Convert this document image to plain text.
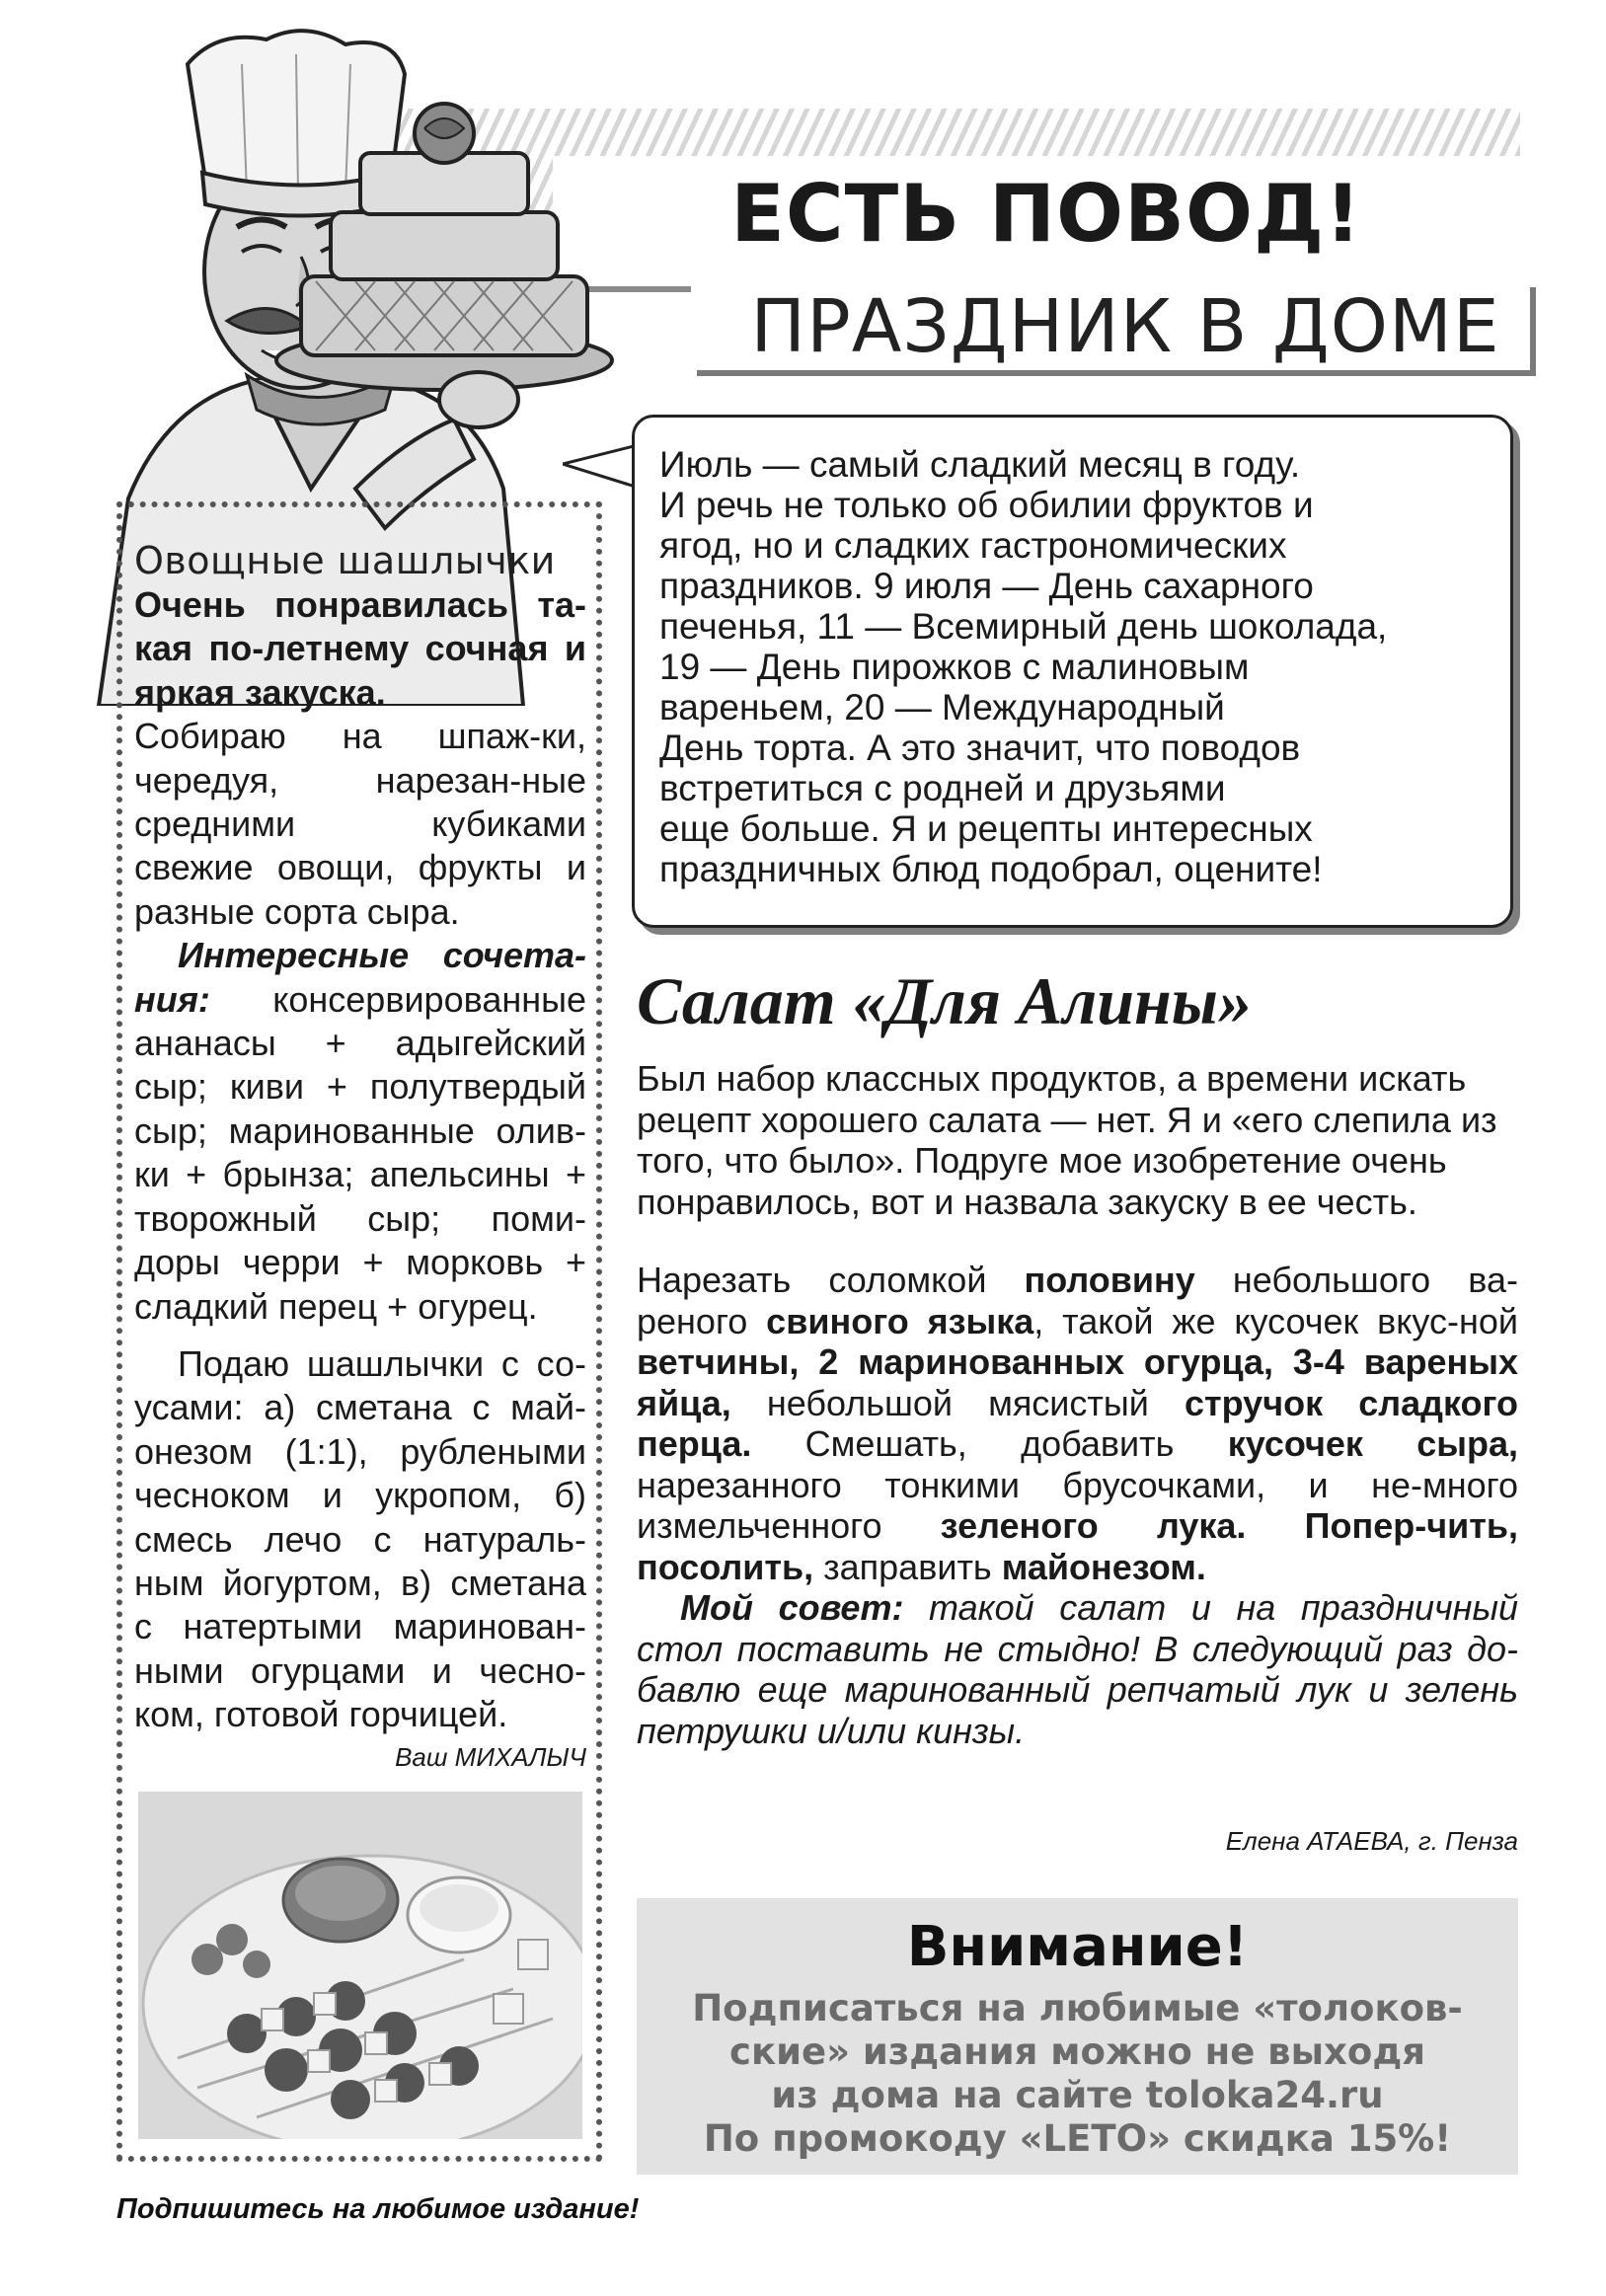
ЕСТЬ ПОВОД!
ПРАЗДНИК В ДОМЕ

Июль — самый сладкий месяц в году.

И речь не только об обилии фруктов и

ягод, но и сладких гастрономических

праздников. 9 июля — День сахарного

печенья, 11 — Всемирный день шоколада,

19 — День пирожков с малиновым

вареньем, 20 — Международный

День торта. А это значит, что поводов

встретиться с родней и друзьями

еще больше. Я и рецепты интересных

праздничных блюд подобрал, оцените!

Овощные шашлычки

Очень понравилась та-кая по-летнему сочная и яркая закуска.

Собираю на шпаж-ки, чередуя, нарезан-ные средними кубиками свежие овощи, фрукты и разные сорта сыра.

Интересные сочета-ния: консервированные ананасы + адыгейский сыр; киви + полутвердый сыр; маринованные олив-ки + брынза; апельсины + творожный сыр; поми-доры черри + морковь + сладкий перец + огурец.

Подаю шашлычки с со-усами: а) сметана с май-онезом (1:1), рублеными чесноком и укропом, б) смесь лечо с натураль-ным йогуртом, в) сметана с натертыми маринован-ными огурцами и чесно-ком, готовой горчицей.

Ваш МИХАЛЫЧ

Салат «Для Алины»

Был набор классных продуктов, а времени искать рецепт хорошего салата — нет. Я и «его слепила из того, что было». Подруге мое изобретение очень понравилось, вот и назвала закуску в ее честь.

Нарезать соломкой половину небольшого ва-реного свиного языка, такой же кусочек вкус-ной ветчины, 2 маринованных огурца, 3-4 вареных яйца, небольшой мясистый стручок сладкого перца. Смешать, добавить кусочек сыра, нарезанного тонкими брусочками, и не-много измельченного зеленого лука. Попер-чить, посолить, заправить майонезом.

Мой совет: такой салат и на праздничный стол поставить не стыдно! В следующий раз до-бавлю еще маринованный репчатый лук и зелень петрушки и/или кинзы.

Елена АТАЕВА, г. Пенза
Внимание!

Подписаться на любимые «толоков-

ские» издания можно не выходя

из дома на сайте toloka24.ru

По промокоду «LETO» скидка 15%!

Подпишитесь на любимое издание!
